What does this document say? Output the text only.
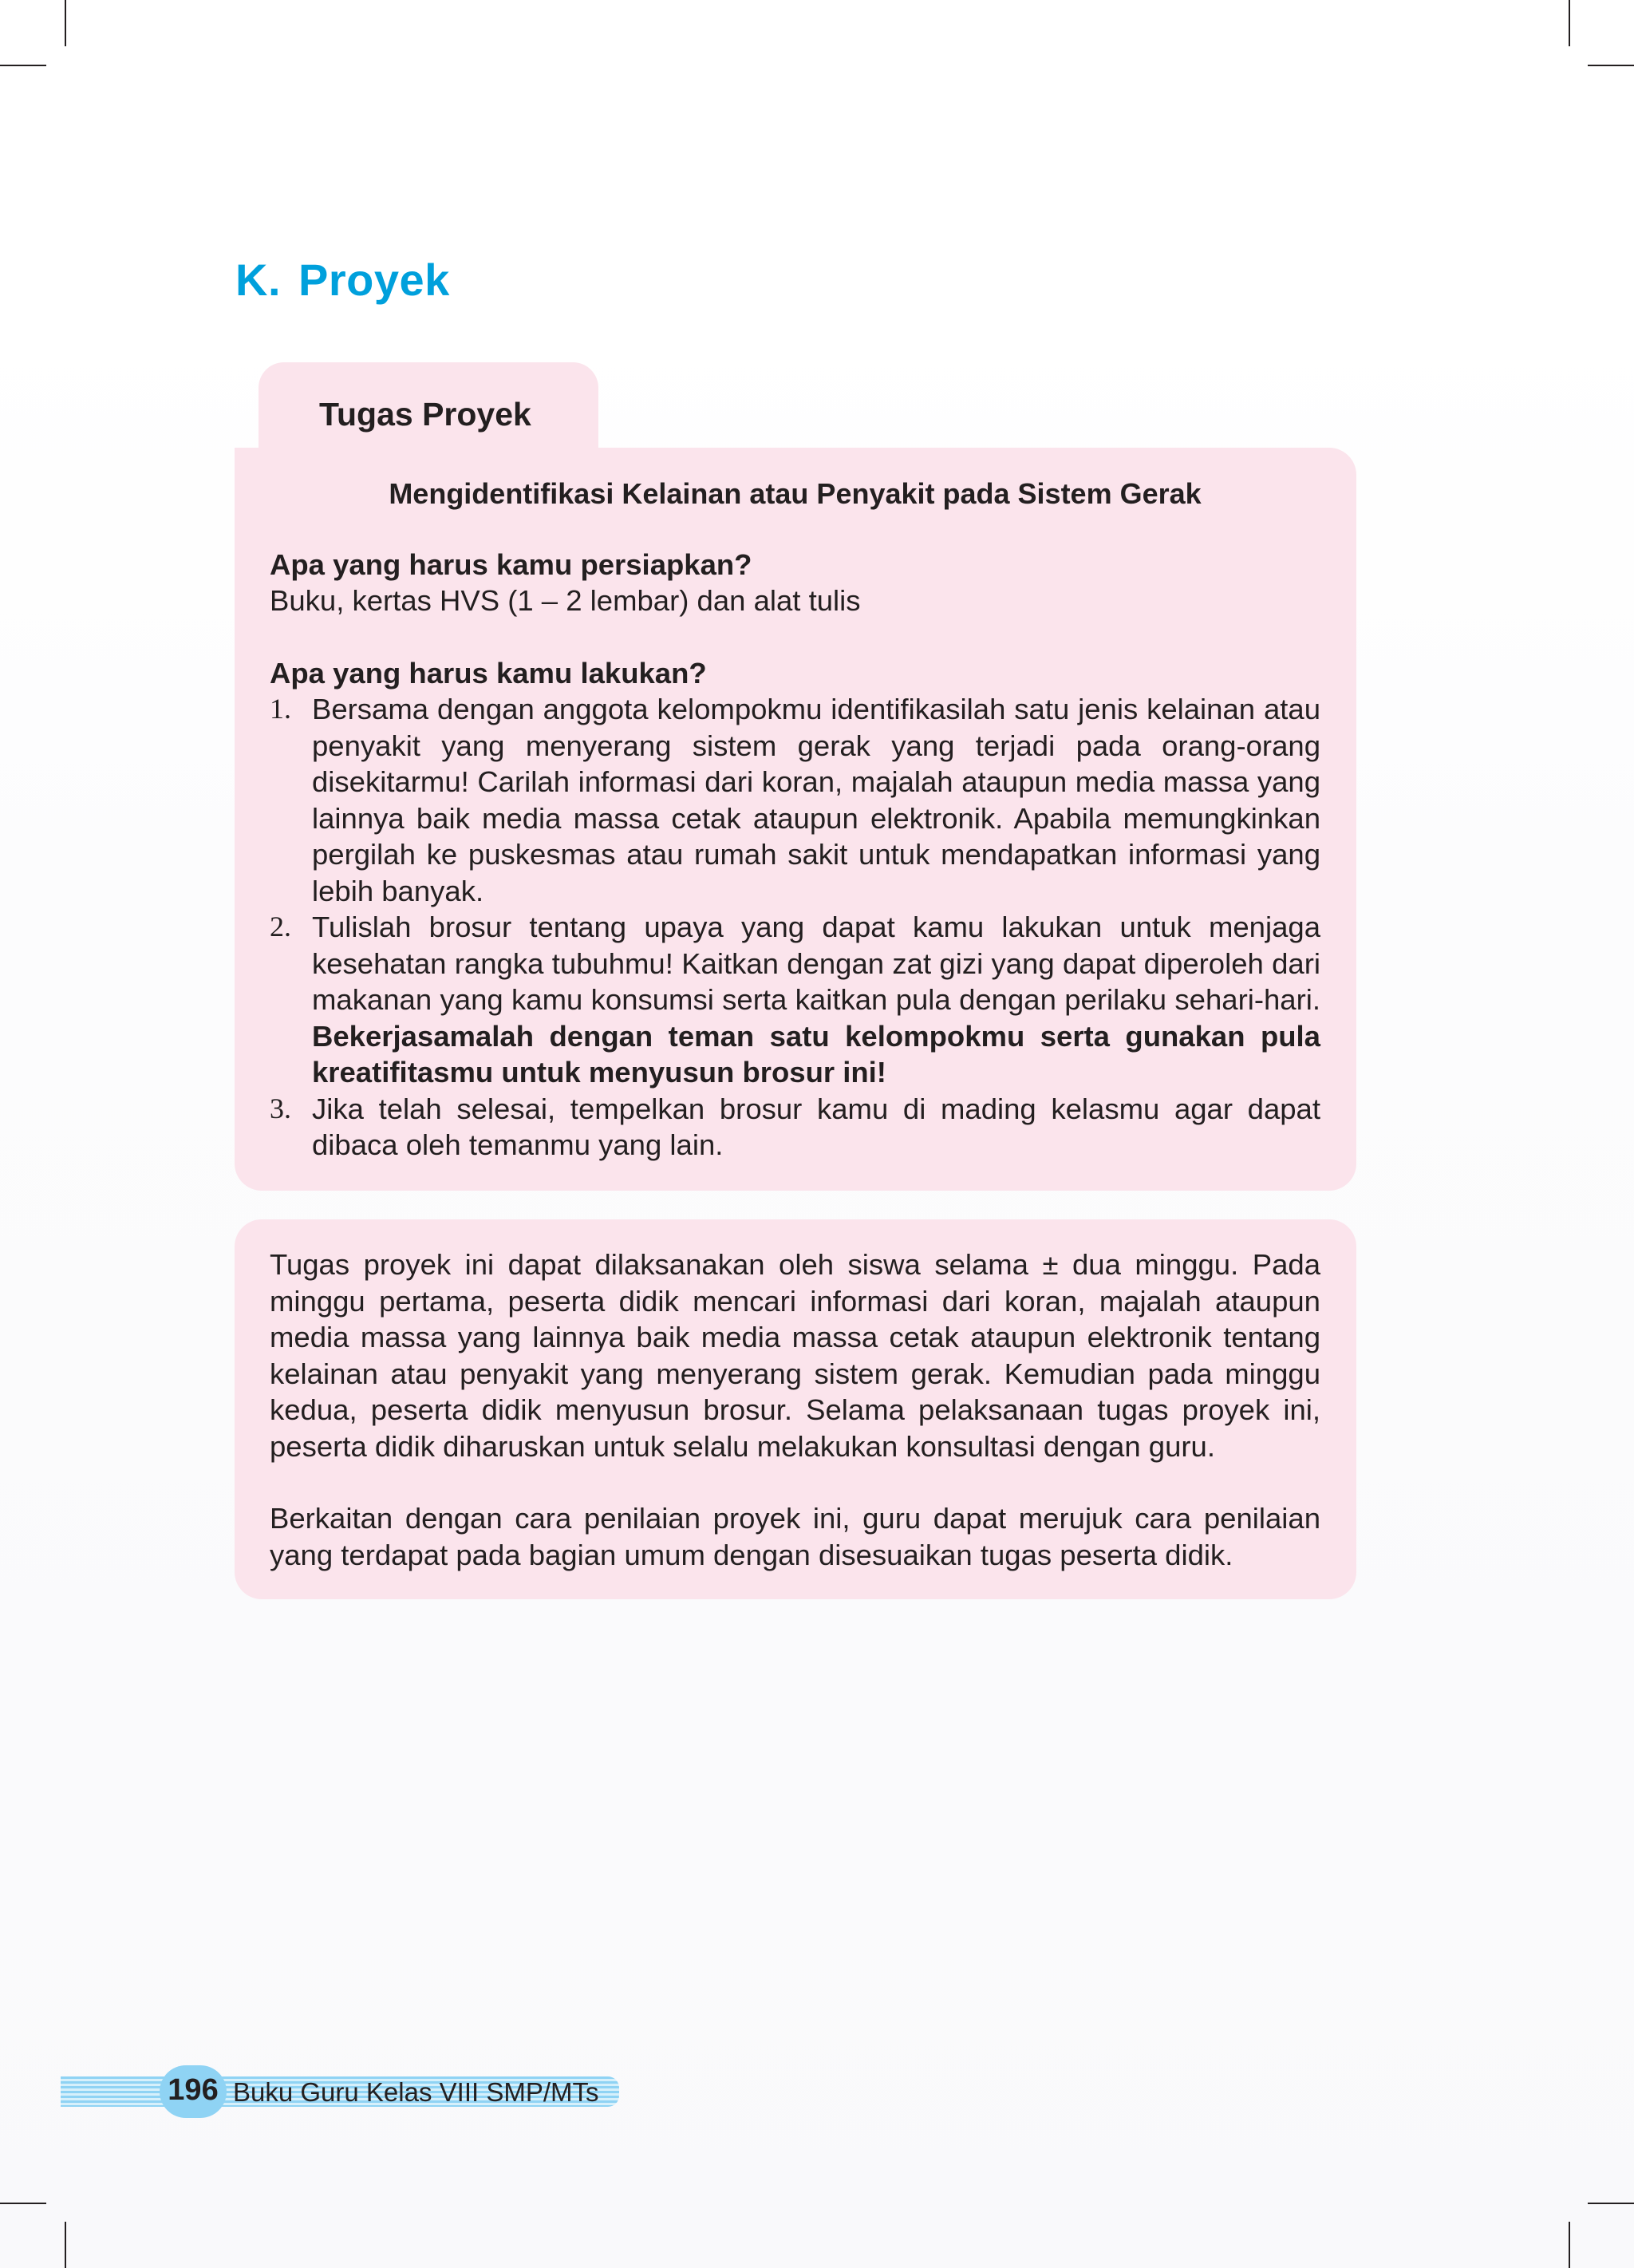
K. Proyek
Tugas Proyek

Mengidentifikasi Kelainan atau Penyakit pada Sistem Gerak

Apa yang harus kamu persiapkan?

Buku, kertas HVS (1 – 2 lembar) dan alat tulis

Apa yang harus kamu lakukan?

1. Bersama dengan anggota kelompokmu identifikasilah satu jenis kelainan atau penyakit yang menyerang sistem gerak yang terjadi pada orang-orang disekitarmu! Carilah informasi dari koran, majalah ataupun media massa yang lainnya baik media massa cetak ataupun elektronik. Apabila memungkinkan pergilah ke puskesmas atau rumah sakit untuk mendapatkan informasi yang lebih banyak.
2. Tulislah brosur tentang upaya yang dapat kamu lakukan untuk menjaga kesehatan rangka tubuhmu! Kaitkan dengan zat gizi yang dapat diperoleh dari makanan yang kamu konsumsi serta kaitkan pula dengan perilaku sehari-hari. Bekerjasamalah dengan teman satu kelompokmu serta gunakan pula kreatifitasmu untuk menyusun brosur ini!
3. Jika telah selesai, tempelkan brosur kamu di mading kelasmu agar dapat dibaca oleh temanmu yang lain.

Tugas proyek ini dapat dilaksanakan oleh siswa selama ± dua minggu. Pada minggu pertama, peserta didik mencari informasi dari koran, majalah ataupun media massa yang lainnya baik media massa cetak ataupun elektronik tentang kelainan atau penyakit yang menyerang sistem gerak. Kemudian pada minggu kedua, peserta didik menyusun brosur. Selama pelaksanaan tugas proyek ini, peserta didik diharuskan untuk selalu melakukan konsultasi dengan guru.

Berkaitan dengan cara penilaian proyek ini, guru dapat merujuk cara penilaian yang terdapat pada bagian umum dengan disesuaikan tugas peserta didik.

196 Buku Guru Kelas VIII SMP/MTs
